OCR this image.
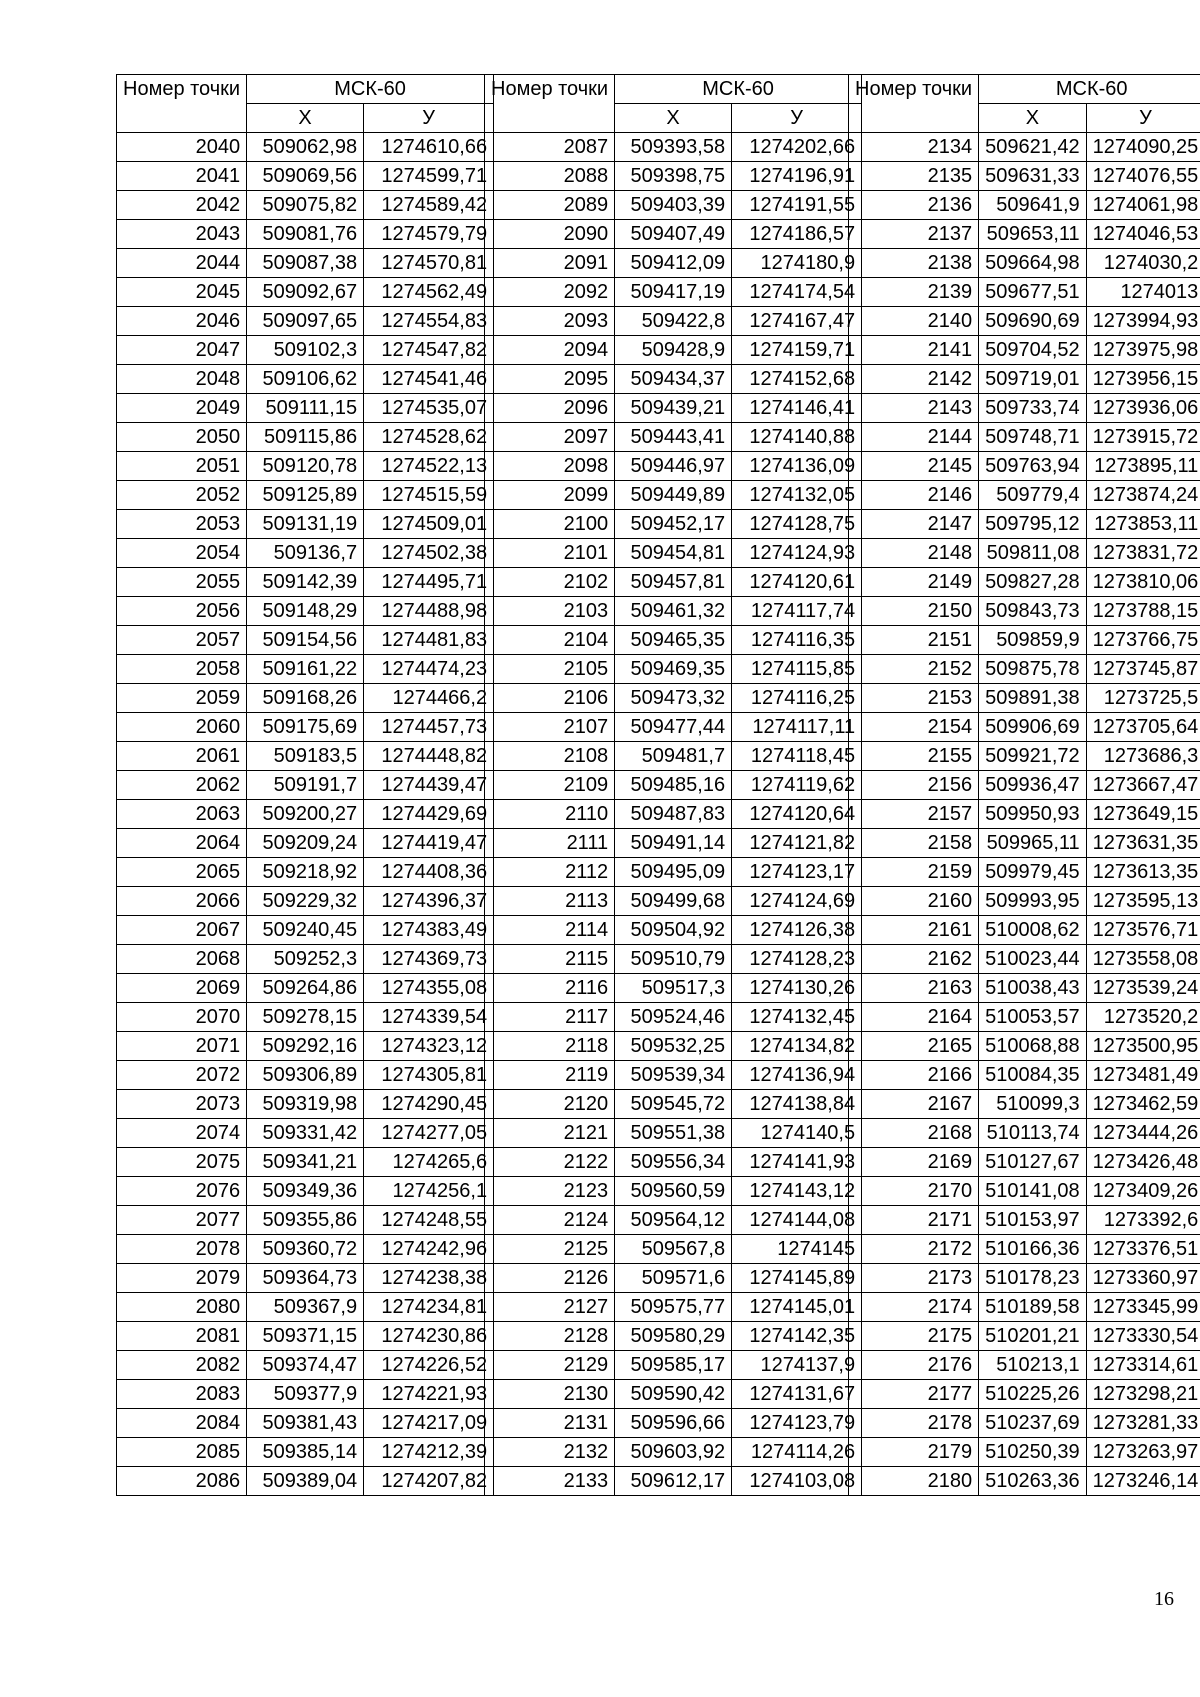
Номер точки	МСК-60	
	Х	У
2040	509062,98	1274610,66
2041	509069,56	1274599,71
2042	509075,82	1274589,42
2043	509081,76	1274579,79
2044	509087,38	1274570,81
2045	509092,67	1274562,49
2046	509097,65	1274554,83
2047	509102,3	1274547,82
2048	509106,62	1274541,46
2049	509111,15	1274535,07
2050	509115,86	1274528,62
2051	509120,78	1274522,13
2052	509125,89	1274515,59
2053	509131,19	1274509,01
2054	509136,7	1274502,38
2055	509142,39	1274495,71
2056	509148,29	1274488,98
2057	509154,56	1274481,83
2058	509161,22	1274474,23
2059	509168,26	1274466,2
2060	509175,69	1274457,73
2061	509183,5	1274448,82
2062	509191,7	1274439,47
2063	509200,27	1274429,69
2064	509209,24	1274419,47
2065	509218,92	1274408,36
2066	509229,32	1274396,37
2067	509240,45	1274383,49
2068	509252,3	1274369,73
2069	509264,86	1274355,08
2070	509278,15	1274339,54
2071	509292,16	1274323,12
2072	509306,89	1274305,81
2073	509319,98	1274290,45
2074	509331,42	1274277,05
2075	509341,21	1274265,6
2076	509349,36	1274256,1
2077	509355,86	1274248,55
2078	509360,72	1274242,96
2079	509364,73	1274238,38
2080	509367,9	1274234,81
2081	509371,15	1274230,86
2082	509374,47	1274226,52
2083	509377,9	1274221,93
2084	509381,43	1274217,09
2085	509385,14	1274212,39
2086	509389,04	1274207,82
Номер точки	МСК-60	
	Х	У
2087	509393,58	1274202,66
2088	509398,75	1274196,91
2089	509403,39	1274191,55
2090	509407,49	1274186,57
2091	509412,09	1274180,9
2092	509417,19	1274174,54
2093	509422,8	1274167,47
2094	509428,9	1274159,71
2095	509434,37	1274152,68
2096	509439,21	1274146,41
2097	509443,41	1274140,88
2098	509446,97	1274136,09
2099	509449,89	1274132,05
2100	509452,17	1274128,75
2101	509454,81	1274124,93
2102	509457,81	1274120,61
2103	509461,32	1274117,74
2104	509465,35	1274116,35
2105	509469,35	1274115,85
2106	509473,32	1274116,25
2107	509477,44	1274117,11
2108	509481,7	1274118,45
2109	509485,16	1274119,62
2110	509487,83	1274120,64
2111	509491,14	1274121,82
2112	509495,09	1274123,17
2113	509499,68	1274124,69
2114	509504,92	1274126,38
2115	509510,79	1274128,23
2116	509517,3	1274130,26
2117	509524,46	1274132,45
2118	509532,25	1274134,82
2119	509539,34	1274136,94
2120	509545,72	1274138,84
2121	509551,38	1274140,5
2122	509556,34	1274141,93
2123	509560,59	1274143,12
2124	509564,12	1274144,08
2125	509567,8	1274145
2126	509571,6	1274145,89
2127	509575,77	1274145,01
2128	509580,29	1274142,35
2129	509585,17	1274137,9
2130	509590,42	1274131,67
2131	509596,66	1274123,79
2132	509603,92	1274114,26
2133	509612,17	1274103,08
Номер точки	МСК-60	
	Х	У
2134	509621,42	1274090,25
2135	509631,33	1274076,55
2136	509641,9	1274061,98
2137	509653,11	1274046,53
2138	509664,98	1274030,2
2139	509677,51	1274013
2140	509690,69	1273994,93
2141	509704,52	1273975,98
2142	509719,01	1273956,15
2143	509733,74	1273936,06
2144	509748,71	1273915,72
2145	509763,94	1273895,11
2146	509779,4	1273874,24
2147	509795,12	1273853,11
2148	509811,08	1273831,72
2149	509827,28	1273810,06
2150	509843,73	1273788,15
2151	509859,9	1273766,75
2152	509875,78	1273745,87
2153	509891,38	1273725,5
2154	509906,69	1273705,64
2155	509921,72	1273686,3
2156	509936,47	1273667,47
2157	509950,93	1273649,15
2158	509965,11	1273631,35
2159	509979,45	1273613,35
2160	509993,95	1273595,13
2161	510008,62	1273576,71
2162	510023,44	1273558,08
2163	510038,43	1273539,24
2164	510053,57	1273520,2
2165	510068,88	1273500,95
2166	510084,35	1273481,49
2167	510099,3	1273462,59
2168	510113,74	1273444,26
2169	510127,67	1273426,48
2170	510141,08	1273409,26
2171	510153,97	1273392,6
2172	510166,36	1273376,51
2173	510178,23	1273360,97
2174	510189,58	1273345,99
2175	510201,21	1273330,54
2176	510213,1	1273314,61
2177	510225,26	1273298,21
2178	510237,69	1273281,33
2179	510250,39	1273263,97
2180	510263,36	1273246,14
16
